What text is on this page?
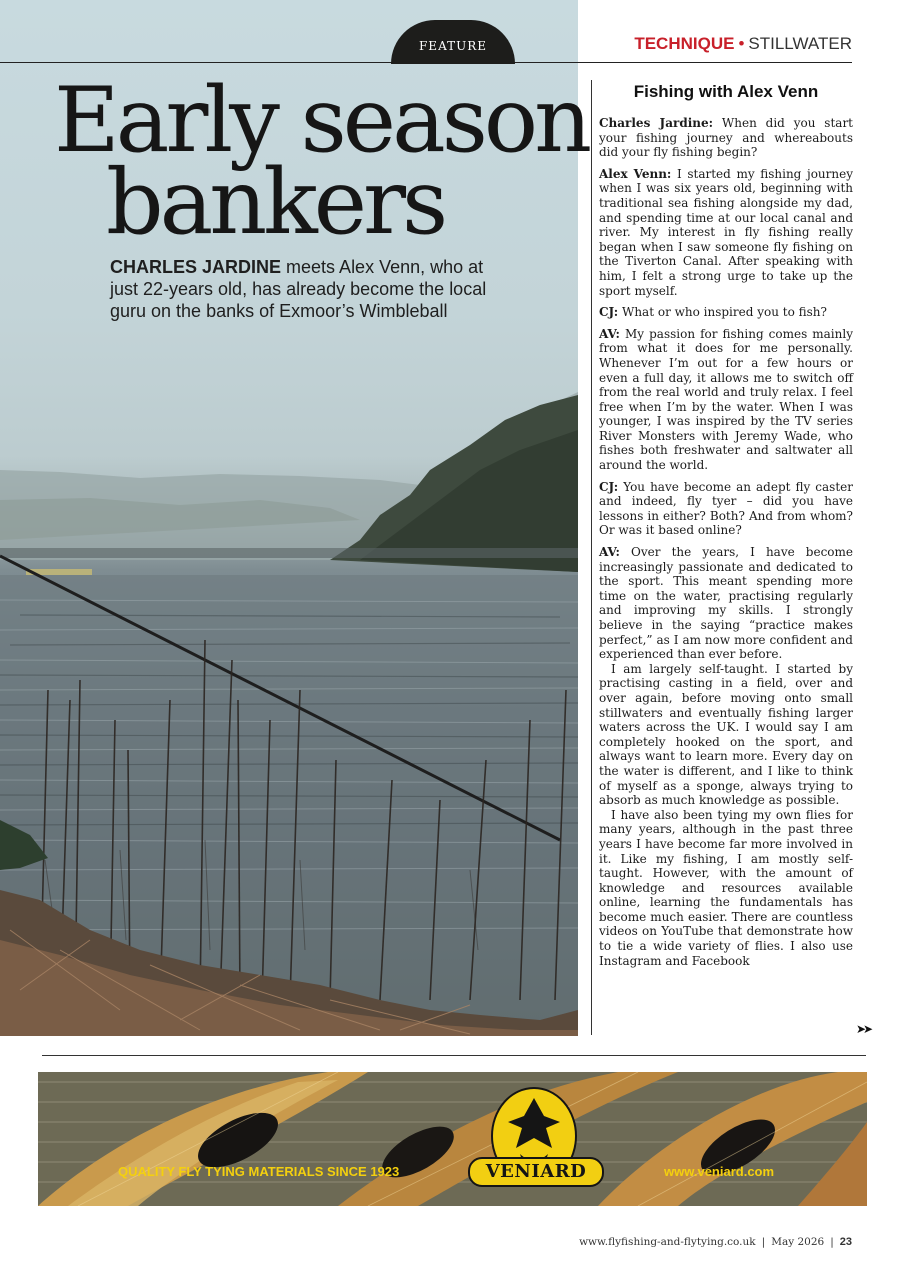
FEATURE	TECHNIQUE • STILLWATER
Early season
bankers

CHARLES JARDINE meets Alex Venn, who at just 22-years old, has already become the local guru on the banks of Exmoor’s Wimbleball

Fishing with Alex Venn

Charles Jardine: When did you start your fishing journey and whereabouts did your fly fishing begin?

Alex Venn: I started my fishing journey when I was six years old, beginning with traditional sea fishing alongside my dad, and spending time at our local canal and river. My interest in fly fishing really began when I saw someone fly fishing on the Tiverton Canal. After speaking with him, I felt a strong urge to take up the sport myself.

CJ: What or who inspired you to fish?

AV: My passion for fishing comes mainly from what it does for me personally. Whenever I’m out for a few hours or even a full day, it allows me to switch off from the real world and truly relax. I feel free when I’m by the water. When I was younger, I was inspired by the TV series River Monsters with Jeremy Wade, who fishes both freshwater and saltwater all around the world.

CJ: You have become an adept fly caster and indeed, fly tyer – did you have lessons in either? Both? And from whom? Or was it based online?

AV: Over the years, I have become increasingly passionate and dedicated to the sport. This meant spending more time on the water, practising regularly and improving my skills. I strongly believe in the saying “practice makes perfect,” as I am now more confident and experienced than ever before.

I am largely self-taught. I started by practising casting in a field, over and over again, before moving onto small stillwaters and eventually fishing larger waters across the UK. I would say I am completely hooked on the sport, and always want to learn more. Every day on the water is different, and I like to think of myself as a sponge, always trying to absorb as much knowledge as possible.

I have also been tying my own flies for many years, although in the past three years I have become far more involved in it. Like my fishing, I am mostly self-taught. However, with the amount of knowledge and resources available online, learning the fundamentals has become much easier. There are countless videos on YouTube that demonstrate how to tie a wide variety of flies. I also use Instagram and Facebook

➤➤
QUALITY FLY TYING MATERIALS SINCE 1923	VENIARD	www.veniard.com
www.flyfishing-and-flytying.co.uk | May 2026 | 23
